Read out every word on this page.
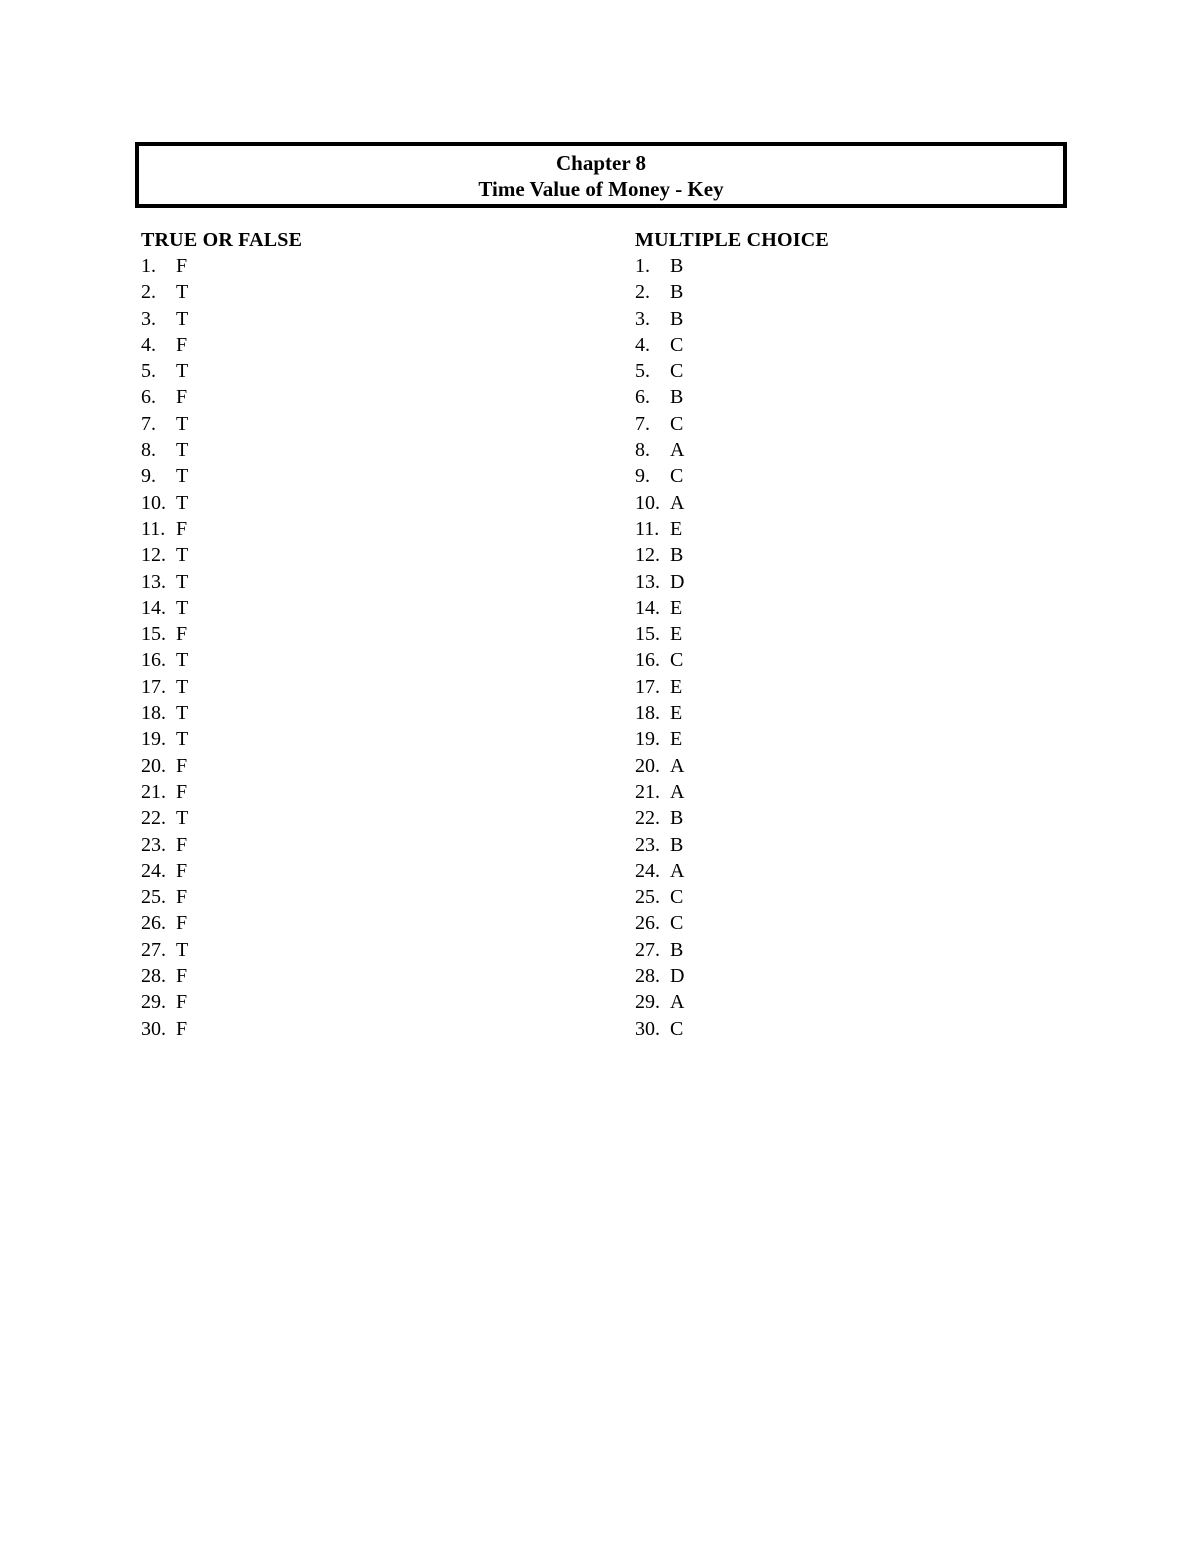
Chapter 8
Time Value of Money - Key
TRUE OR FALSE
1. F
2. T
3. T
4. F
5. T
6. F
7. T
8. T
9. T
10. T
11. F
12. T
13. T
14. T
15. F
16. T
17. T
18. T
19. T
20. F
21. F
22. T
23. F
24. F
25. F
26. F
27. T
28. F
29. F
30. F
MULTIPLE CHOICE
1. B
2. B
3. B
4. C
5. C
6. B
7. C
8. A
9. C
10. A
11. E
12. B
13. D
14. E
15. E
16. C
17. E
18. E
19. E
20. A
21. A
22. B
23. B
24. A
25. C
26. C
27. B
28. D
29. A
30. C
